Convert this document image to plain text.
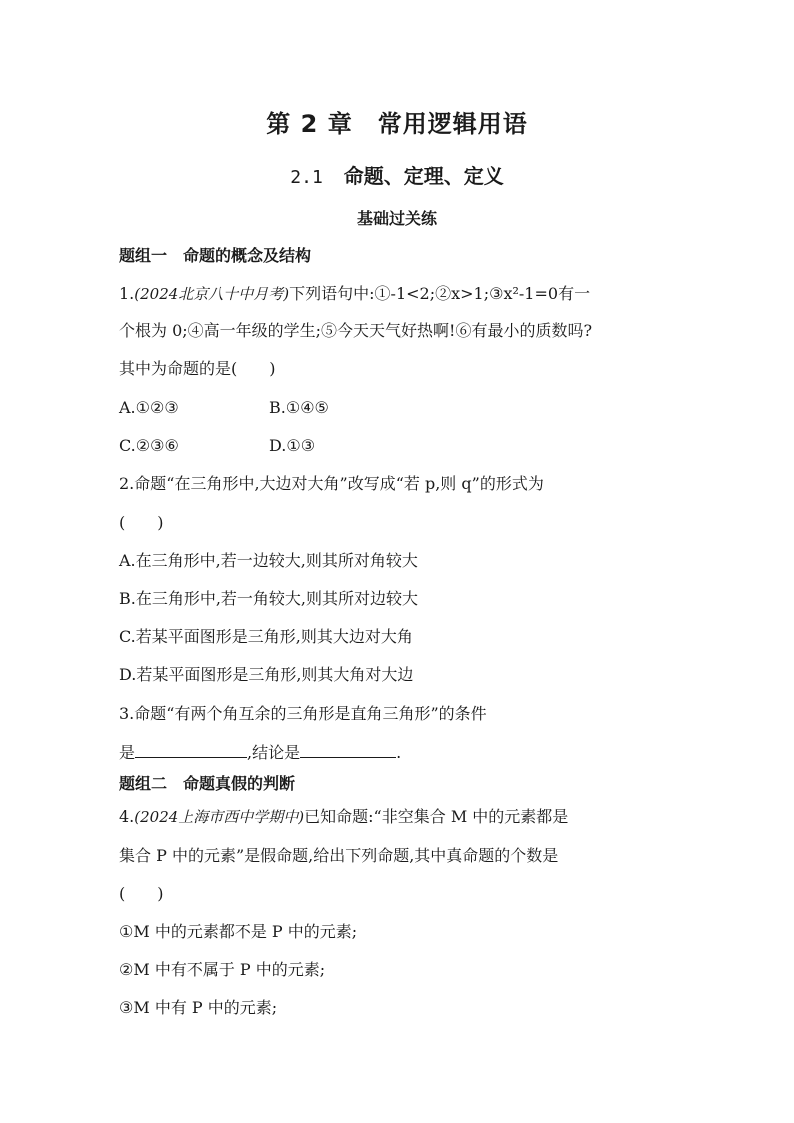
第 2 章　常用逻辑用语
2.1 命题、定理、定义
基础过关练
题组一　命题的概念及结构
1.(2024北京八十中月考)下列语句中:①-1<2;②x>1;③x²-1=0有一
个根为 0;④高一年级的学生;⑤今天天气好热啊!⑥有最小的质数吗?
其中为命题的是(　　)
A.①②③	B.①④⑤
C.②③⑥	D.①③
2.命题“在三角形中,大边对大角”改写成“若 p,则 q”的形式为
(　　)
A.在三角形中,若一边较大,则其所对角较大
B.在三角形中,若一角较大,则其所对边较大
C.若某平面图形是三角形,则其大边对大角
D.若某平面图形是三角形,则其大角对大边
3.命题“有两个角互余的三角形是直角三角形”的条件
是	,结论是	.
题组二　命题真假的判断
4.(2024上海市西中学期中)已知命题:“非空集合 M 中的元素都是
集合 P 中的元素”是假命题,给出下列命题,其中真命题的个数是
(　　)
①M 中的元素都不是 P 中的元素;
②M 中有不属于 P 中的元素;
③M 中有 P 中的元素;
